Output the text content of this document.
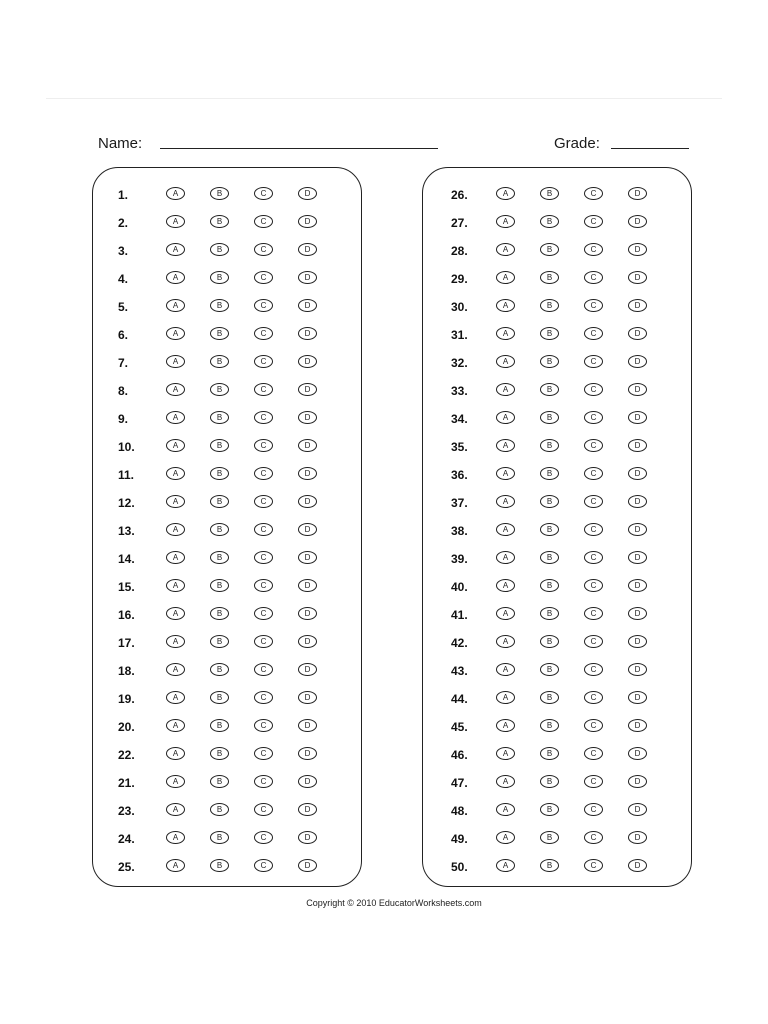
Name:	Grade:
1.	A	B	C	D
2.	A	B	C	D
3.	A	B	C	D
4.	A	B	C	D
5.	A	B	C	D
6.	A	B	C	D
7.	A	B	C	D
8.	A	B	C	D
9.	A	B	C	D
10.	A	B	C	D
11.	A	B	C	D
12.	A	B	C	D
13.	A	B	C	D
14.	A	B	C	D
15.	A	B	C	D
16.	A	B	C	D
17.	A	B	C	D
18.	A	B	C	D
19.	A	B	C	D
20.	A	B	C	D
22.	A	B	C	D
21.	A	B	C	D
23.	A	B	C	D
24.	A	B	C	D
25.	A	B	C	D
26.	A	B	C	D
27.	A	B	C	D
28.	A	B	C	D
29.	A	B	C	D
30.	A	B	C	D
31.	A	B	C	D
32.	A	B	C	D
33.	A	B	C	D
34.	A	B	C	D
35.	A	B	C	D
36.	A	B	C	D
37.	A	B	C	D
38.	A	B	C	D
39.	A	B	C	D
40.	A	B	C	D
41.	A	B	C	D
42.	A	B	C	D
43.	A	B	C	D
44.	A	B	C	D
45.	A	B	C	D
46.	A	B	C	D
47.	A	B	C	D
48.	A	B	C	D
49.	A	B	C	D
50.	A	B	C	D
Copyright © 2010 EducatorWorksheets.com
